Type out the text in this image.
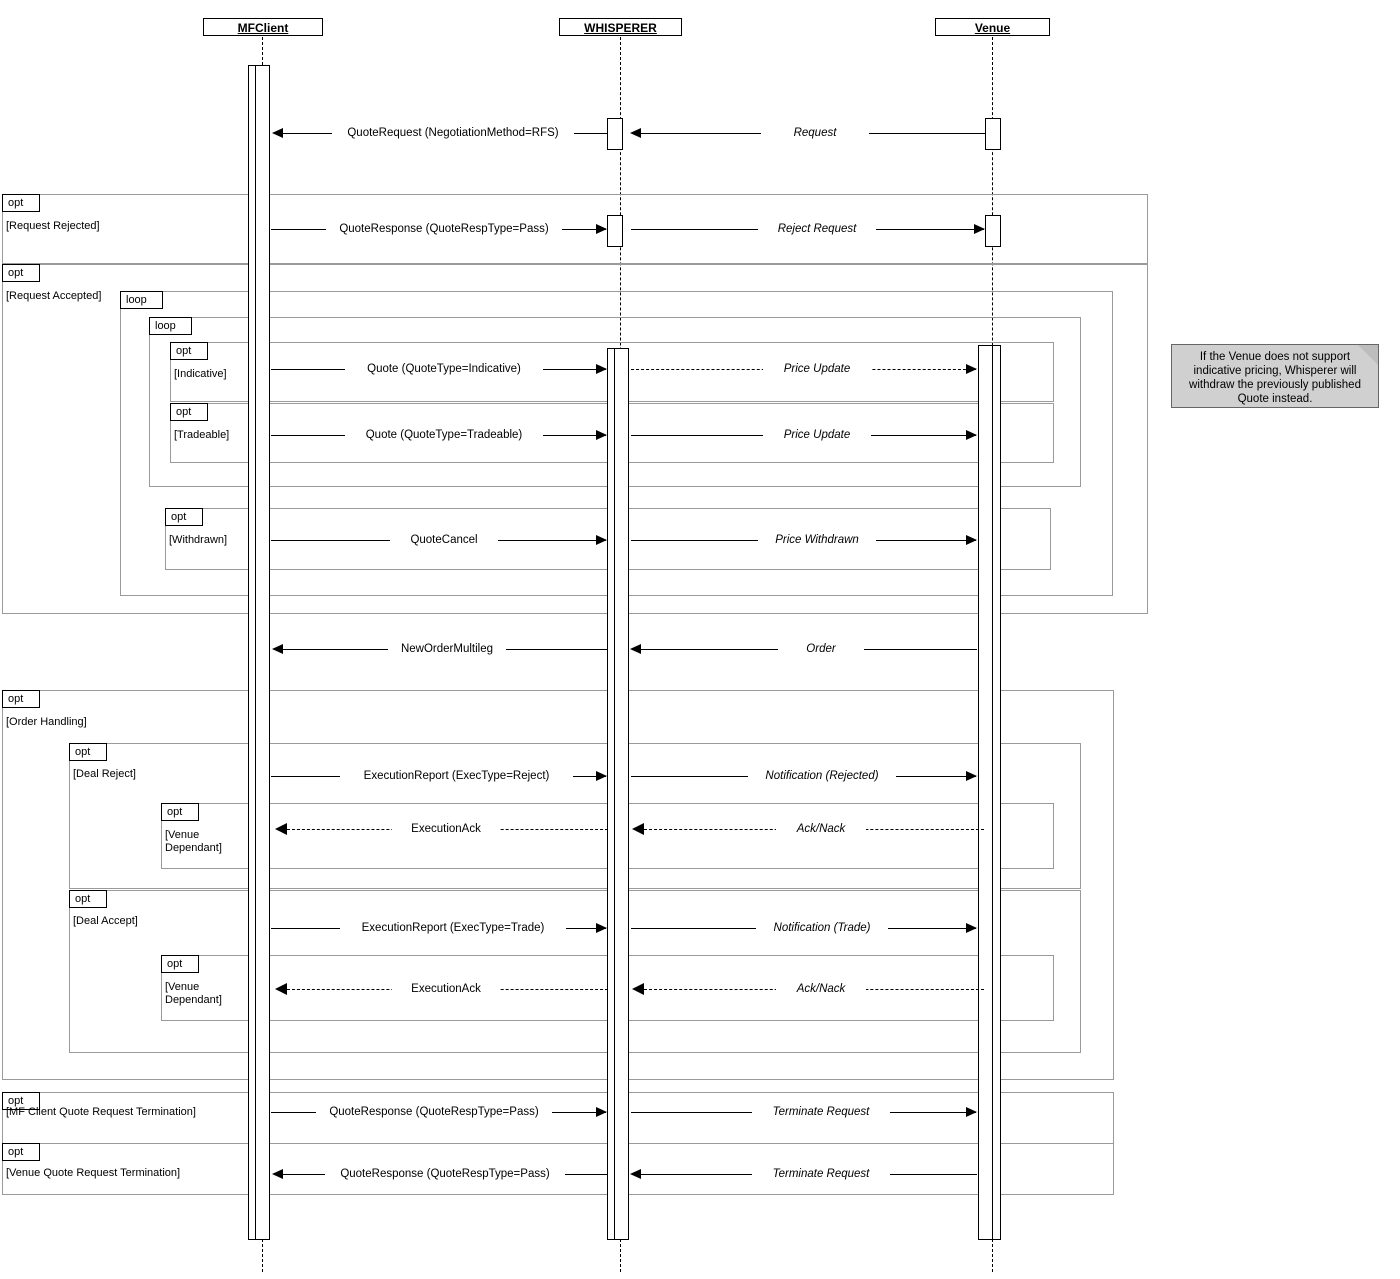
MFClient	WHISPERER	Venue
opt
[Request Rejected]
opt
[Request Accepted]	loop
loop
opt
[Indicative]
opt
[Tradeable]
opt
[Withdrawn]
opt
[Order Handling]
opt
[Deal Reject]
opt
[Venue Dependant]
opt
[Deal Accept]
opt
[Venue Dependant]
opt
[MF Client Quote Request Termination]
opt
[Venue Quote Request Termination]
QuoteRequest (NegotiationMethod=RFS)	Request
QuoteResponse (QuoteRespType=Pass)	Reject Request
Quote (QuoteType=Indicative)	Price Update
Quote (QuoteType=Tradeable)	Price Update
QuoteCancel	Price Withdrawn
NewOrderMultileg	Order
ExecutionReport (ExecType=Reject)	Notification (Rejected)
ExecutionAck	Ack/Nack
ExecutionReport (ExecType=Trade)	Notification (Trade)
ExecutionAck	Ack/Nack
QuoteResponse (QuoteRespType=Pass)	Terminate Request
QuoteResponse (QuoteRespType=Pass)	Terminate Request
If the Venue does not support indicative pricing, Whisperer will withdraw the previously published Quote instead.
